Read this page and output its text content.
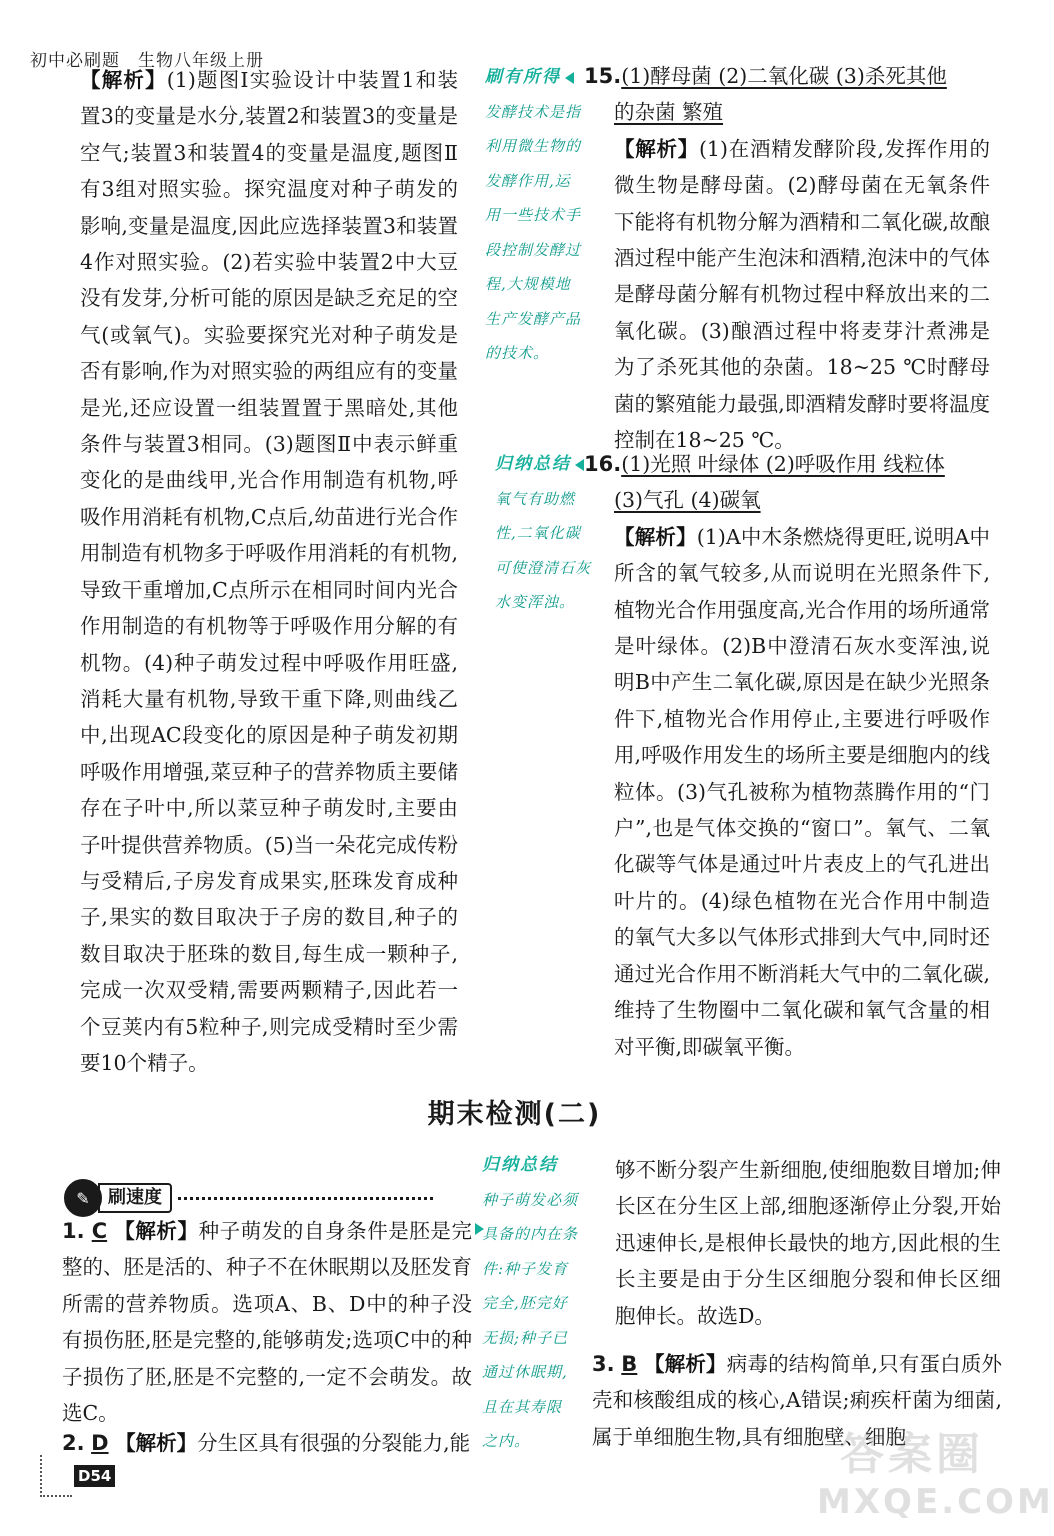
初中必刷题 生物八年级上册

【解析】(1)题图Ⅰ实验设计中装置1和装置3的变量是水分,装置2和装置3的变量是空气;装置3和装置4的变量是温度,题图Ⅱ有3组对照实验。探究温度对种子萌发的影响,变量是温度,因此应选择装置3和装置4作对照实验。(2)若实验中装置2中大豆没有发芽,分析可能的原因是缺乏充足的空气(或氧气)。实验要探究光对种子萌发是否有影响,作为对照实验的两组应有的变量是光,还应设置一组装置置于黑暗处,其他条件与装置3相同。(3)题图Ⅱ中表示鲜重变化的是曲线甲,光合作用制造有机物,呼吸作用消耗有机物,C点后,幼苗进行光合作用制造有机物多于呼吸作用消耗的有机物,导致干重增加,C点所示在相同时间内光合作用制造的有机物等于呼吸作用分解的有机物。(4)种子萌发过程中呼吸作用旺盛,消耗大量有机物,导致干重下降,则曲线乙中,出现AC段变化的原因是种子萌发初期呼吸作用增强,菜豆种子的营养物质主要储存在子叶中,所以菜豆种子萌发时,主要由子叶提供营养物质。(5)当一朵花完成传粉与受精后,子房发育成果实,胚珠发育成种子,果实的数目取决于子房的数目,种子的数目取决于胚珠的数目,每生成一颗种子,完成一次双受精,需要两颗精子,因此若一个豆荚内有5粒种子,则完成受精时至少需要10个精子。

刷有所得
发酵技术是指
利用微生物的
发酵作用,运
用一些技术手
段控制发酵过
程,大规模地
生产发酵产品
的技术。

15.(1)酵母菌 (2)二氧化碳 (3)杀死其他

的杂菌 繁殖

【解析】(1)在酒精发酵阶段,发挥作用的微生物是酵母菌。(2)酵母菌在无氧条件下能将有机物分解为酒精和二氧化碳,故酿酒过程中能产生泡沫和酒精,泡沫中的气体是酵母菌分解有机物过程中释放出来的二氧化碳。(3)酿酒过程中将麦芽汁煮沸是为了杀死其他的杂菌。18~25 ℃时酵母菌的繁殖能力最强,即酒精发酵时要将温度控制在18~25 ℃。

归纳总结
氧气有助燃
性,二氧化碳
可使澄清石灰
水变浑浊。

16.(1)光照 叶绿体 (2)呼吸作用 线粒体

(3)气孔 (4)碳氧

【解析】(1)A中木条燃烧得更旺,说明A中所含的氧气较多,从而说明在光照条件下,植物光合作用强度高,光合作用的场所通常是叶绿体。(2)B中澄清石灰水变浑浊,说明B中产生二氧化碳,原因是在缺少光照条件下,植物光合作用停止,主要进行呼吸作用,呼吸作用发生的场所主要是细胞内的线粒体。(3)气孔被称为植物蒸腾作用的“门户”,也是气体交换的“窗口”。氧气、二氧化碳等气体是通过叶片表皮上的气孔进出叶片的。(4)绿色植物在光合作用中制造的氧气大多以气体形式排到大气中,同时还通过光合作用不断消耗大气中的二氧化碳,维持了生物圈中二氧化碳和氧气含量的相对平衡,即碳氧平衡。

期末检测(二)
✎	刷速度

1. C 【解析】种子萌发的自身条件是胚是完整的、胚是活的、种子不在休眠期以及胚发育所需的营养物质。选项A、B、D中的种子没有损伤胚,胚是完整的,能够萌发;选项C中的种子损伤了胚,胚是不完整的,一定不会萌发。故选C。

2. D 【解析】分生区具有很强的分裂能力,能

归纳总结
种子萌发必须
具备的内在条
件:种子发育
完全,胚完好
无损;种子已
通过休眠期,
且在其寿限
之内。

够不断分裂产生新细胞,使细胞数目增加;伸长区在分生区上部,细胞逐渐停止分裂,开始迅速伸长,是根伸长最快的地方,因此根的生长主要是由于分生区细胞分裂和伸长区细胞伸长。故选D。

3. B 【解析】病毒的结构简单,只有蛋白质外壳和核酸组成的核心,A错误;痢疾杆菌为细菌,属于单细胞生物,具有细胞壁、细胞

D54	答案圈
MXQE.COM
